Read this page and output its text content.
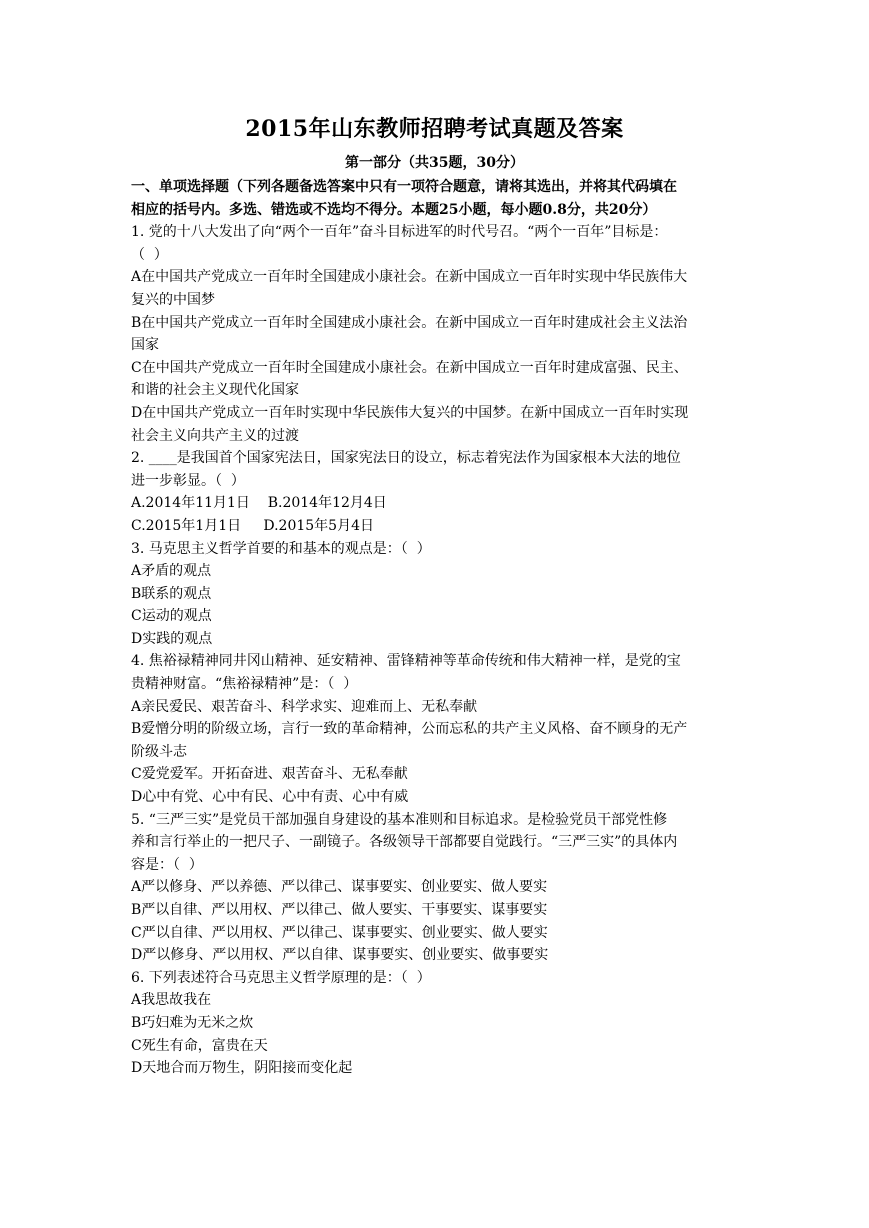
2015年山东教师招聘考试真题及答案
第一部分（共35题，30分）
一、单项选择题（下列各题备选答案中只有一项符合题意，请将其选出，并将其代码填在
相应的括号内。多选、错选或不选均不得分。本题25小题，每小题0.8分，共20分）
1. 党的十八大发出了向“两个一百年”奋斗目标进军的时代号召。“两个一百年”目标是：
（  ）
A在中国共产党成立一百年时全国建成小康社会。在新中国成立一百年时实现中华民族伟大
复兴的中国梦
B在中国共产党成立一百年时全国建成小康社会。在新中国成立一百年时建成社会主义法治
国家
C在中国共产党成立一百年时全国建成小康社会。在新中国成立一百年时建成富强、民主、
和谐的社会主义现代化国家
D在中国共产党成立一百年时实现中华民族伟大复兴的中国梦。在新中国成立一百年时实现
社会主义向共产主义的过渡
2. ____是我国首个国家宪法日，国家宪法日的设立，标志着宪法作为国家根本大法的地位
进一步彰显。（  ）
A.2014年11月1日    B.2014年12月4日
C.2015年1月1日     D.2015年5月4日
3. 马克思主义哲学首要的和基本的观点是：（  ）
A矛盾的观点
B联系的观点
C运动的观点
D实践的观点
4. 焦裕禄精神同井冈山精神、延安精神、雷锋精神等革命传统和伟大精神一样，是党的宝
贵精神财富。“焦裕禄精神”是：（  ）
A亲民爱民、艰苦奋斗、科学求实、迎难而上、无私奉献
B爱憎分明的阶级立场，言行一致的革命精神，公而忘私的共产主义风格、奋不顾身的无产
阶级斗志
C爱党爱军。开拓奋进、艰苦奋斗、无私奉献
D心中有党、心中有民、心中有责、心中有威
5. “三严三实”是党员干部加强自身建设的基本准则和目标追求。是检验党员干部党性修
养和言行举止的一把尺子、一副镜子。各级领导干部都要自觉践行。“三严三实”的具体内
容是：（  ）
A严以修身、严以养德、严以律己、谋事要实、创业要实、做人要实
B严以自律、严以用权、严以律己、做人要实、干事要实、谋事要实
C严以自律、严以用权、严以律己、谋事要实、创业要实、做人要实
D严以修身、严以用权、严以自律、谋事要实、创业要实、做事要实
6. 下列表述符合马克思主义哲学原理的是：（  ）
A我思故我在
B巧妇难为无米之炊
C死生有命，富贵在天
D天地合而万物生，阴阳接而变化起
